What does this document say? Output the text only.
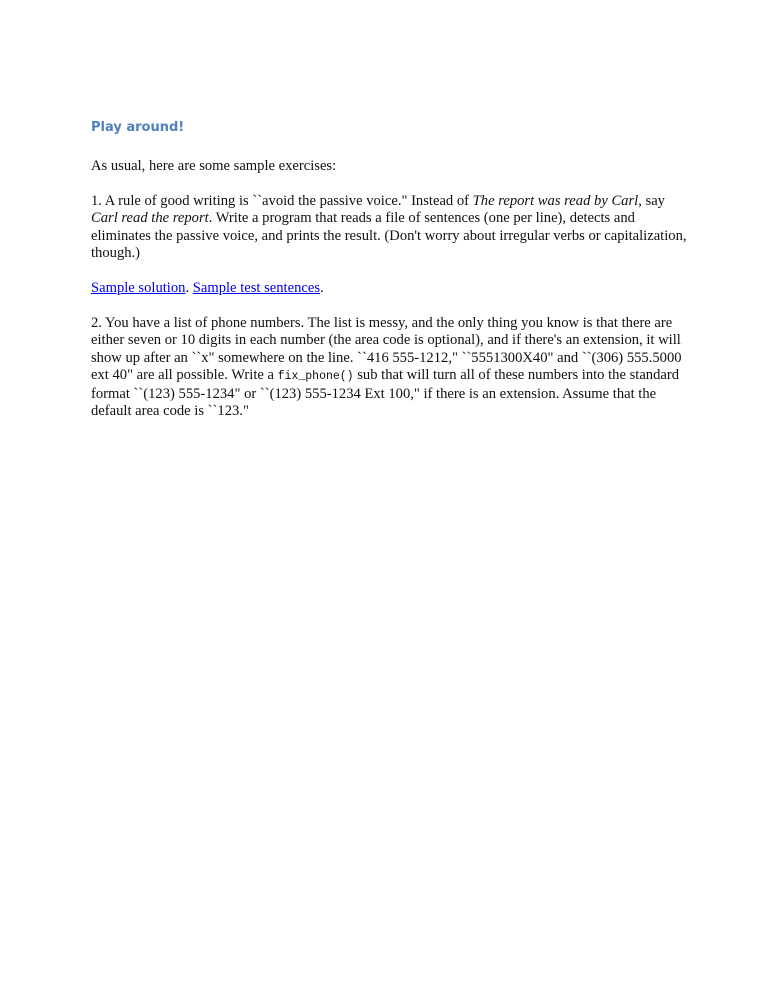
Play around!

As usual, here are some sample exercises:

1. A rule of good writing is ``avoid the passive voice." Instead of The report was read by Carl, say Carl read the report. Write a program that reads a file of sentences (one per line), detects and eliminates the passive voice, and prints the result. (Don't worry about irregular verbs or capitalization, though.)

Sample solution. Sample test sentences.

2. You have a list of phone numbers. The list is messy, and the only thing you know is that there are either seven or 10 digits in each number (the area code is optional), and if there's an extension, it will show up after an ``x" somewhere on the line. ``416 555-1212," ``5551300X40" and ``(306) 555.5000 ext 40" are all possible. Write a fix_phone() sub that will turn all of these numbers into the standard format ``(123) 555-1234" or ``(123) 555-1234 Ext 100," if there is an extension. Assume that the default area code is ``123."
